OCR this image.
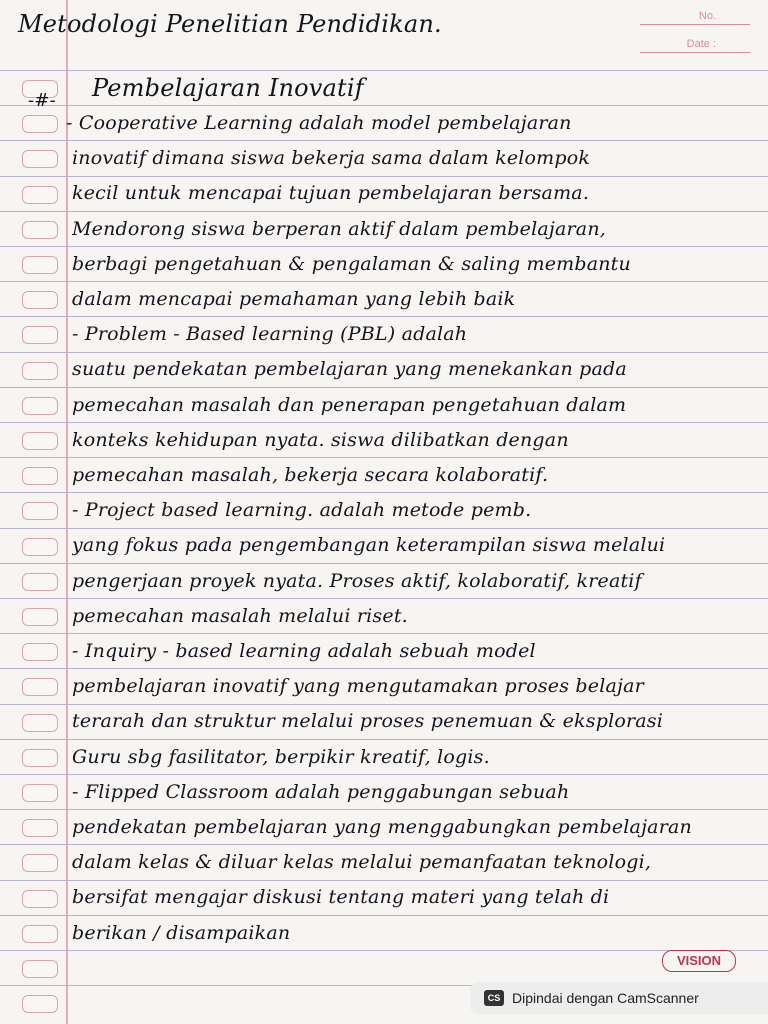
No.
Date :
Metodologi Penelitian Pendidikan.
-#- Pembelajaran Inovatif
- Cooperative Learning adalah model pembelajaran
inovatif dimana siswa bekerja sama dalam kelompok
kecil untuk mencapai tujuan pembelajaran bersama.
Mendorong siswa berperan aktif dalam pembelajaran,
berbagi pengetahuan & pengalaman & saling membantu
dalam mencapai pemahaman yang lebih baik
- Problem - Based learning (PBL) adalah
suatu pendekatan pembelajaran yang menekankan pada
pemecahan masalah dan penerapan pengetahuan dalam
konteks kehidupan nyata. siswa dilibatkan dengan
pemecahan masalah, bekerja secara kolaboratif.
- Project based learning. adalah metode pemb.
yang fokus pada pengembangan keterampilan siswa melalui
pengerjaan proyek nyata. Proses aktif, kolaboratif, kreatif
pemecahan masalah melalui riset.
- Inquiry - based learning adalah sebuah model
pembelajaran inovatif yang mengutamakan proses belajar
terarah dan struktur melalui proses penemuan & eksplorasi
Guru sbg fasilitator, berpikir kreatif, logis.
- Flipped Classroom adalah penggabungan sebuah
pendekatan pembelajaran yang menggabungkan pembelajaran
dalam kelas & diluar kelas melalui pemanfaatan teknologi,
bersifat mengajar diskusi tentang materi yang telah di
berikan / disampaikan
VISION
CS Dipindai dengan CamScanner
